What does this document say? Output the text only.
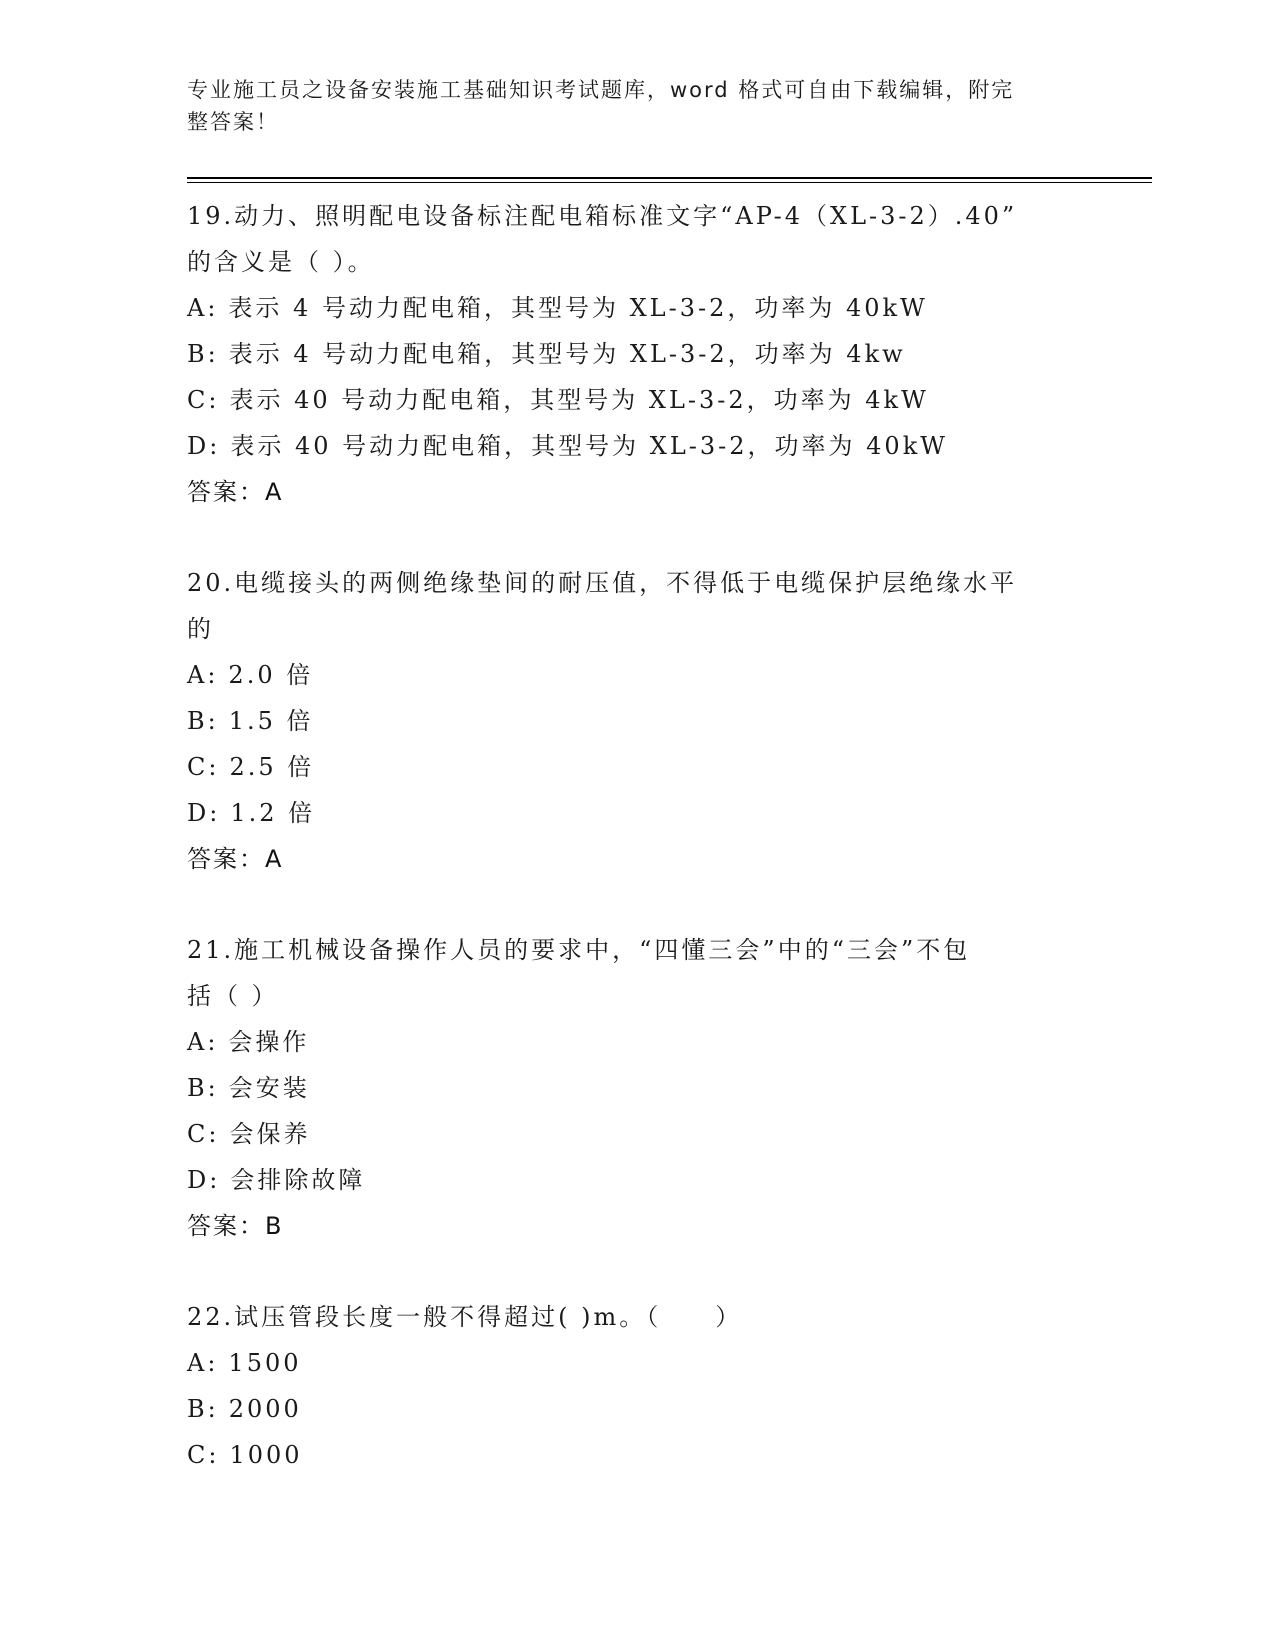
专业施工员之设备安装施工基础知识考试题库，word 格式可自由下载编辑，附完
整答案！
19.动力、照明配电设备标注配电箱标准文字“AP-4（XL-3-2）.40”
的含义是（ ）。
A: 表示 4 号动力配电箱，其型号为 XL-3-2，功率为 40kW
B: 表示 4 号动力配电箱，其型号为 XL-3-2，功率为 4kw
C: 表示 40 号动力配电箱，其型号为 XL-3-2，功率为 4kW
D: 表示 40 号动力配电箱，其型号为 XL-3-2，功率为 40kW
答案：A
20.电缆接头的两侧绝缘垫间的耐压值，不得低于电缆保护层绝缘水平
的
A: 2.0 倍
B: 1.5 倍
C: 2.5 倍
D: 1.2 倍
答案：A
21.施工机械设备操作人员的要求中，“四懂三会”中的“三会”不包
括（ ）
A: 会操作
B: 会安装
C: 会保养
D: 会排除故障
答案：B
22.试压管段长度一般不得超过( )m。（　　）
A: 1500
B: 2000
C: 1000
